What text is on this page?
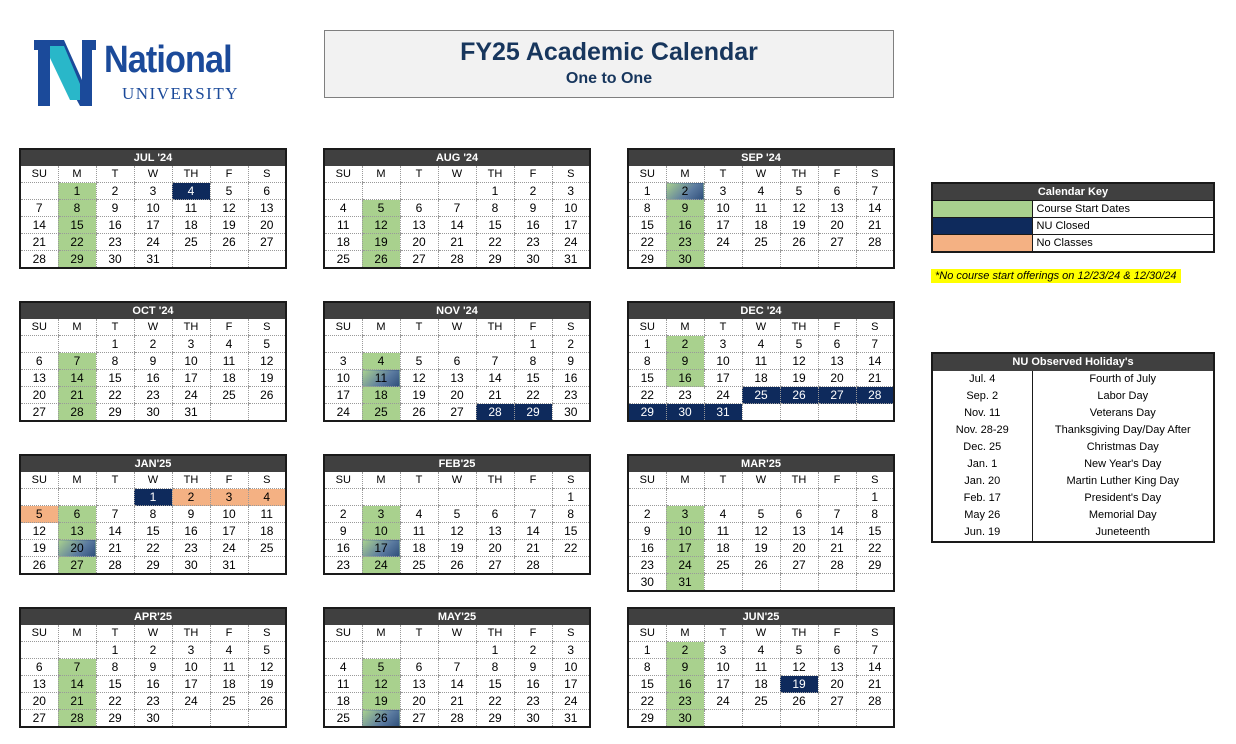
National
UNIVERSITY
FY25 Academic Calendar
One to One
JUL '24						
SU	M	T	W	TH	F	S
	1	2	3	4	5	6
7	8	9	10	11	12	13
14	15	16	17	18	19	20
21	22	23	24	25	26	27
28	29	30	31			
AUG '24						
SU	M	T	W	TH	F	S
				1	2	3
4	5	6	7	8	9	10
11	12	13	14	15	16	17
18	19	20	21	22	23	24
25	26	27	28	29	30	31
SEP '24						
SU	M	T	W	TH	F	S
1	2	3	4	5	6	7
8	9	10	11	12	13	14
15	16	17	18	19	20	21
22	23	24	25	26	27	28
29	30					
OCT '24						
SU	M	T	W	TH	F	S
		1	2	3	4	5
6	7	8	9	10	11	12
13	14	15	16	17	18	19
20	21	22	23	24	25	26
27	28	29	30	31		
NOV '24						
SU	M	T	W	TH	F	S
					1	2
3	4	5	6	7	8	9
10	11	12	13	14	15	16
17	18	19	20	21	22	23
24	25	26	27	28	29	30
DEC '24						
SU	M	T	W	TH	F	S
1	2	3	4	5	6	7
8	9	10	11	12	13	14
15	16	17	18	19	20	21
22	23	24	25	26	27	28
29	30	31				
JAN'25						
SU	M	T	W	TH	F	S
			1	2	3	4
5	6	7	8	9	10	11
12	13	14	15	16	17	18
19	20	21	22	23	24	25
26	27	28	29	30	31	
FEB'25						
SU	M	T	W	TH	F	S
						1
2	3	4	5	6	7	8
9	10	11	12	13	14	15
16	17	18	19	20	21	22
23	24	25	26	27	28	
MAR'25						
SU	M	T	W	TH	F	S
						1
2	3	4	5	6	7	8
9	10	11	12	13	14	15
16	17	18	19	20	21	22
23	24	25	26	27	28	29
30	31					
APR'25						
SU	M	T	W	TH	F	S
		1	2	3	4	5
6	7	8	9	10	11	12
13	14	15	16	17	18	19
20	21	22	23	24	25	26
27	28	29	30			
MAY'25						
SU	M	T	W	TH	F	S
				1	2	3
4	5	6	7	8	9	10
11	12	13	14	15	16	17
18	19	20	21	22	23	24
25	26	27	28	29	30	31
JUN'25						
SU	M	T	W	TH	F	S
1	2	3	4	5	6	7
8	9	10	11	12	13	14
15	16	17	18	19	20	21
22	23	24	25	26	27	28
29	30					
Calendar Key	
	Course Start Dates
	NU Closed
	No Classes
*No course start offerings on 12/23/24 & 12/30/24
NU Observed Holiday's	
Jul. 4	Fourth of July
Sep. 2	Labor Day
Nov. 11	Veterans Day
Nov. 28-29	Thanksgiving Day/Day After
Dec. 25	Christmas Day
Jan. 1	New Year's Day
Jan. 20	Martin Luther King Day
Feb. 17	President's Day
May 26	Memorial Day
Jun. 19	Juneteenth
